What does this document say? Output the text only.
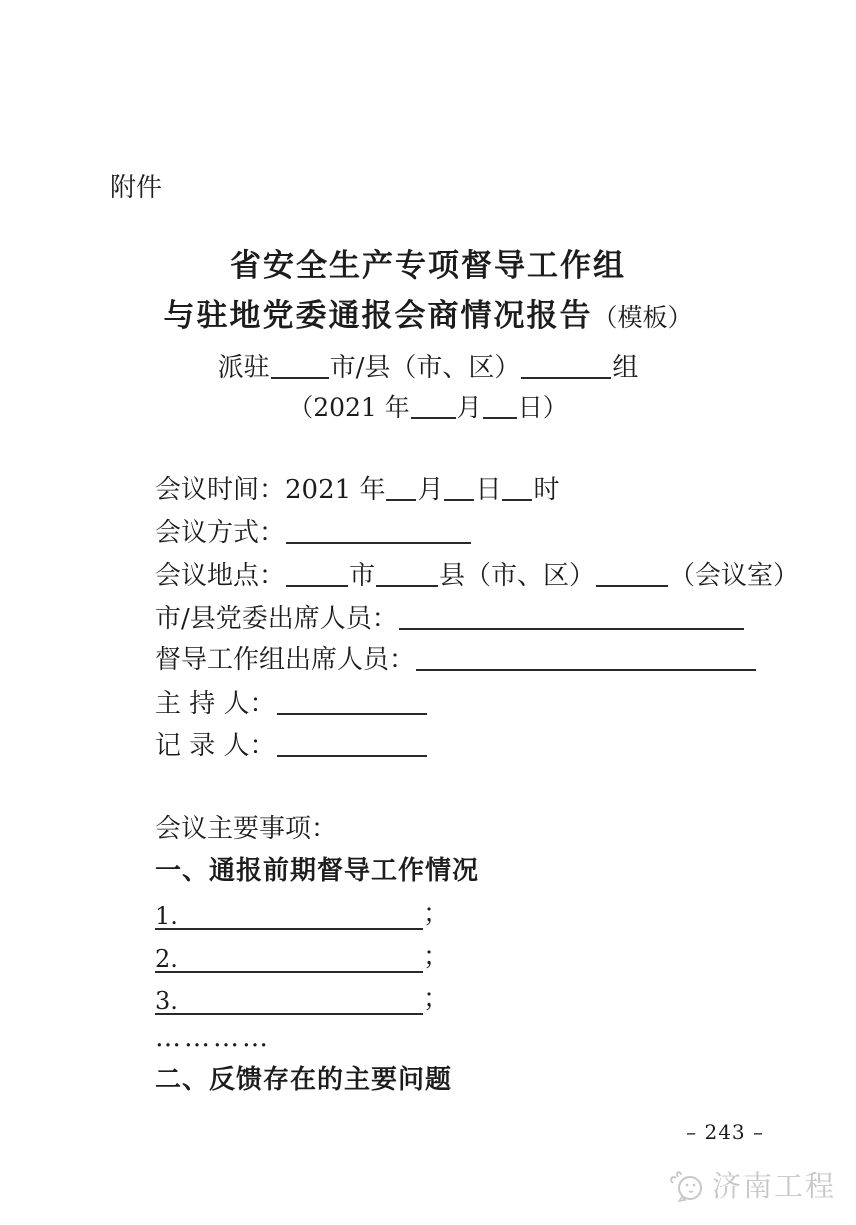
附件
省安全生产专项督导工作组
与驻地党委通报会商情况报告（模板）
派驻 市/县（市、区）	组
（2021 年 月 日）
会议时间：2021 年 月 日 时
会议方式：
会议地点： 市 县（市、区）	（会议室）
市/县党委出席人员：
督导工作组出席人员：
主 持 人：
记 录 人：
会议主要事项：
一、通报前期督导工作情况
1.	；
2.	；
3.	；
…………
二、反馈存在的主要问题
– 243 –
济南工程
